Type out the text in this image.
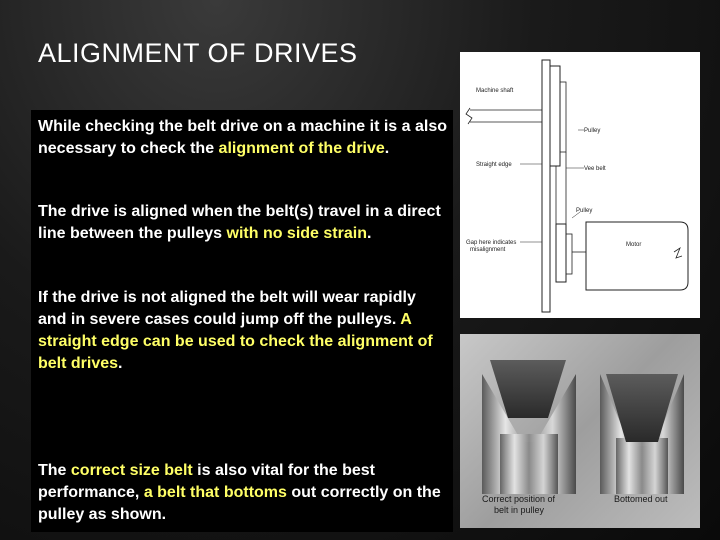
ALIGNMENT OF DRIVES
While checking the belt drive on a machine it is a also necessary to check the alignment of the drive.
The drive is aligned when the belt(s) travel in a direct line between the pulleys with no side strain.
If the drive is not aligned the belt will wear rapidly and in severe cases could jump off the pulleys. A straight edge can be used to check the alignment of belt drives.
The correct size belt is also vital for the best performance, a belt that bottoms out correctly on the pulley as shown.
Machine shaft
Pulley
Straight edge
Vee belt
Pulley
Gap here indicates
misalignment
Motor
Correct position of
belt in pulley
Bottomed out
